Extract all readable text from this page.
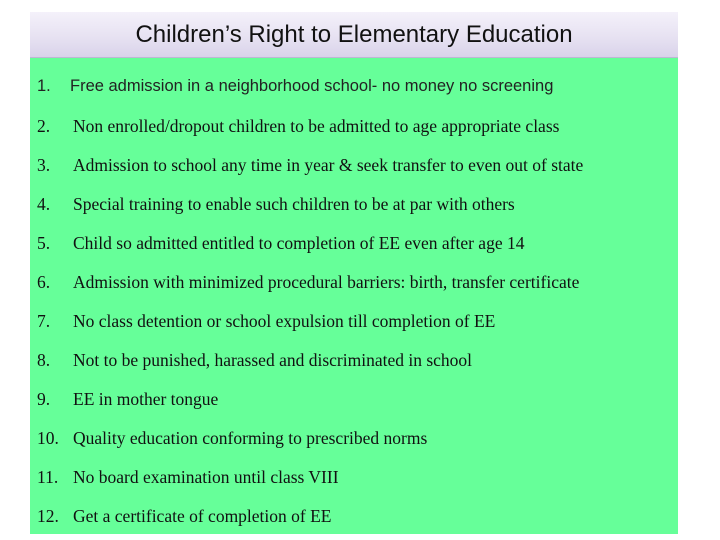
Children’s Right to Elementary Education
1. Free admission in a neighborhood school- no money no screening
2. Non enrolled/dropout children to be admitted to age appropriate class
3. Admission to school any time in year & seek transfer to even out of state
4. Special training to enable such children to be at par with others
5. Child so admitted entitled to completion of EE even after age 14
6. Admission with minimized procedural barriers: birth, transfer certificate
7. No class detention or school expulsion till completion of EE
8. Not to be punished, harassed and discriminated in school
9. EE in mother tongue
10. Quality education conforming to prescribed norms
11. No board examination until class VIII
12. Get a certificate of completion of EE
